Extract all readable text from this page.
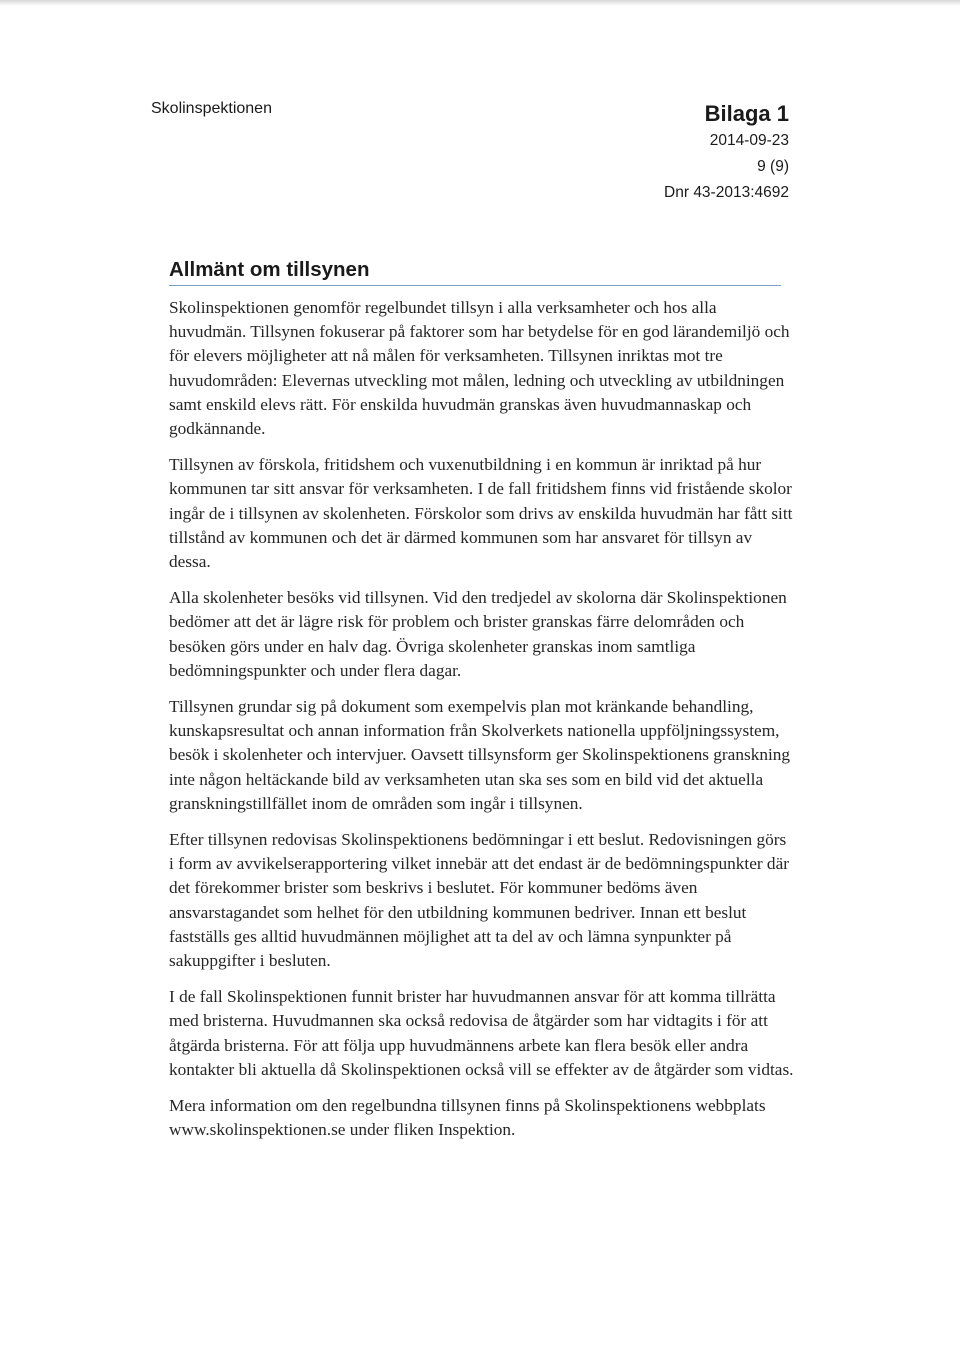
Skolinspektionen	Bilaga 1
2014-09-23
9 (9)
Dnr 43-2013:4692
Allmänt om tillsynen

Skolinspektionen genomför regelbundet tillsyn i alla verksamheter och hos alla huvudmän. Tillsynen fokuserar på faktorer som har betydelse för en god lärandemiljö och för elevers möjligheter att nå målen för verksamheten. Tillsynen inriktas mot tre huvudområden: Elevernas utveckling mot målen, ledning och utveckling av utbildningen samt enskild elevs rätt. För enskilda huvudmän granskas även huvudmannaskap och godkännande.

Tillsynen av förskola, fritidshem och vuxenutbildning i en kommun är inriktad på hur kommunen tar sitt ansvar för verksamheten. I de fall fritidshem finns vid fristående skolor ingår de i tillsynen av skolenheten. Förskolor som drivs av enskilda huvudmän har fått sitt tillstånd av kommunen och det är därmed kommunen som har ansvaret för tillsyn av dessa.

Alla skolenheter besöks vid tillsynen. Vid den tredjedel av skolorna där Skolinspektionen bedömer att det är lägre risk för problem och brister granskas färre delområden och besöken görs under en halv dag. Övriga skolenheter granskas inom samtliga bedömningspunkter och under flera dagar.

Tillsynen grundar sig på dokument som exempelvis plan mot kränkande behandling, kunskapsresultat och annan information från Skolverkets nationella uppföljningssystem, besök i skolenheter och intervjuer. Oavsett tillsynsform ger Skolinspektionens granskning inte någon heltäckande bild av verksamheten utan ska ses som en bild vid det aktuella granskningstillfället inom de områden som ingår i tillsynen.

Efter tillsynen redovisas Skolinspektionens bedömningar i ett beslut. Redovisningen görs i form av avvikelserapportering vilket innebär att det endast är de bedömningspunkter där det förekommer brister som beskrivs i beslutet. För kommuner bedöms även ansvarstagandet som helhet för den utbildning kommunen bedriver. Innan ett beslut fastställs ges alltid huvudmännen möjlighet att ta del av och lämna synpunkter på sakuppgifter i besluten.

I de fall Skolinspektionen funnit brister har huvudmannen ansvar för att komma tillrätta med bristerna. Huvudmannen ska också redovisa de åtgärder som har vidtagits i för att åtgärda bristerna. För att följa upp huvudmännens arbete kan flera besök eller andra kontakter bli aktuella då Skolinspektionen också vill se effekter av de åtgärder som vidtas.

Mera information om den regelbundna tillsynen finns på Skolinspektionens webbplats www.skolinspektionen.se under fliken Inspektion.
